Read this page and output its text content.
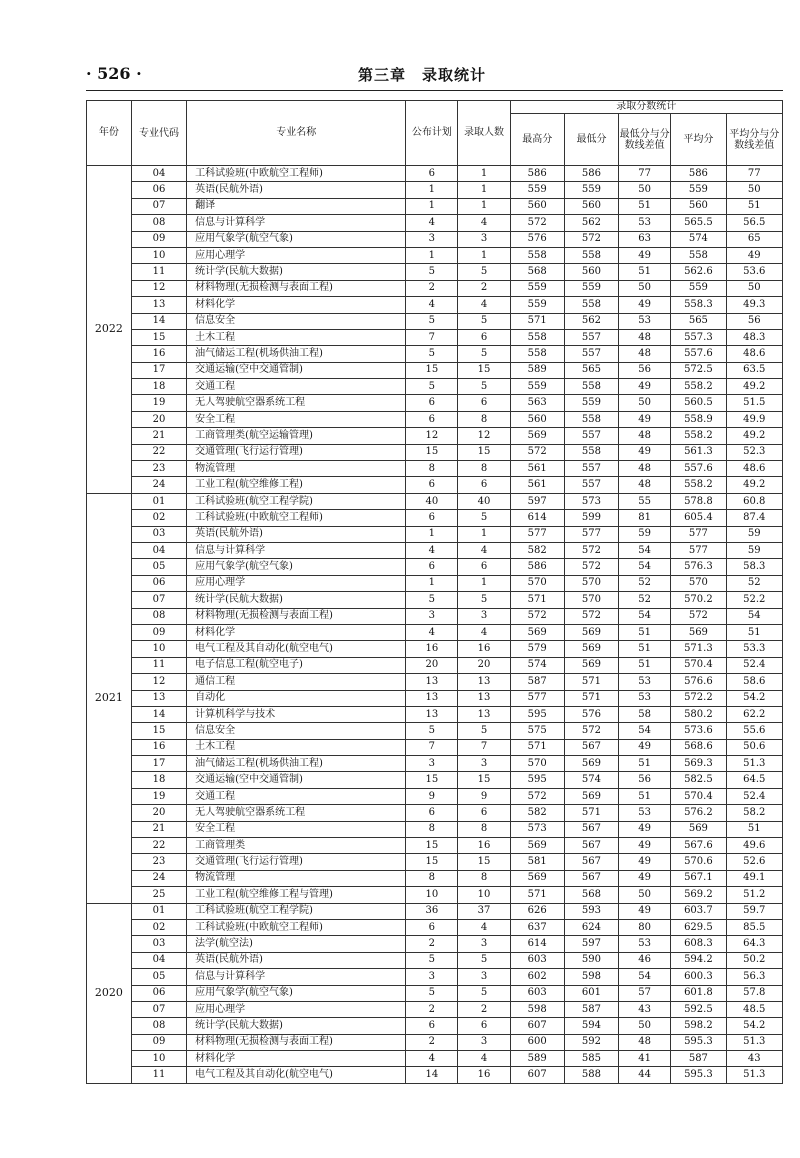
· 526 ·	第三章　录取统计
年份	专业代码	专业名称	公布计划	录取人数	录取分数统计				
					最高分	最低分	最低分与分数线差值	平均分	平均分与分数线差值
2022	04	工科试验班(中欧航空工程师)	6	1	586	586	77	586	77
	06	英语(民航外语)	1	1	559	559	50	559	50
	07	翻译	1	1	560	560	51	560	51
	08	信息与计算科学	4	4	572	562	53	565.5	56.5
	09	应用气象学(航空气象)	3	3	576	572	63	574	65
	10	应用心理学	1	1	558	558	49	558	49
	11	统计学(民航大数据)	5	5	568	560	51	562.6	53.6
	12	材料物理(无损检测与表面工程)	2	2	559	559	50	559	50
	13	材料化学	4	4	559	558	49	558.3	49.3
	14	信息安全	5	5	571	562	53	565	56
	15	土木工程	7	6	558	557	48	557.3	48.3
	16	油气储运工程(机场供油工程)	5	5	558	557	48	557.6	48.6
	17	交通运输(空中交通管制)	15	15	589	565	56	572.5	63.5
	18	交通工程	5	5	559	558	49	558.2	49.2
	19	无人驾驶航空器系统工程	6	6	563	559	50	560.5	51.5
	20	安全工程	6	8	560	558	49	558.9	49.9
	21	工商管理类(航空运输管理)	12	12	569	557	48	558.2	49.2
	22	交通管理(飞行运行管理)	15	15	572	558	49	561.3	52.3
	23	物流管理	8	8	561	557	48	557.6	48.6
	24	工业工程(航空维修工程)	6	6	561	557	48	558.2	49.2
2021	01	工科试验班(航空工程学院)	40	40	597	573	55	578.8	60.8
	02	工科试验班(中欧航空工程师)	6	5	614	599	81	605.4	87.4
	03	英语(民航外语)	1	1	577	577	59	577	59
	04	信息与计算科学	4	4	582	572	54	577	59
	05	应用气象学(航空气象)	6	6	586	572	54	576.3	58.3
	06	应用心理学	1	1	570	570	52	570	52
	07	统计学(民航大数据)	5	5	571	570	52	570.2	52.2
	08	材料物理(无损检测与表面工程)	3	3	572	572	54	572	54
	09	材料化学	4	4	569	569	51	569	51
	10	电气工程及其自动化(航空电气)	16	16	579	569	51	571.3	53.3
	11	电子信息工程(航空电子)	20	20	574	569	51	570.4	52.4
	12	通信工程	13	13	587	571	53	576.6	58.6
	13	自动化	13	13	577	571	53	572.2	54.2
	14	计算机科学与技术	13	13	595	576	58	580.2	62.2
	15	信息安全	5	5	575	572	54	573.6	55.6
	16	土木工程	7	7	571	567	49	568.6	50.6
	17	油气储运工程(机场供油工程)	3	3	570	569	51	569.3	51.3
	18	交通运输(空中交通管制)	15	15	595	574	56	582.5	64.5
	19	交通工程	9	9	572	569	51	570.4	52.4
	20	无人驾驶航空器系统工程	6	6	582	571	53	576.2	58.2
	21	安全工程	8	8	573	567	49	569	51
	22	工商管理类	15	16	569	567	49	567.6	49.6
	23	交通管理(飞行运行管理)	15	15	581	567	49	570.6	52.6
	24	物流管理	8	8	569	567	49	567.1	49.1
	25	工业工程(航空维修工程与管理)	10	10	571	568	50	569.2	51.2
2020	01	工科试验班(航空工程学院)	36	37	626	593	49	603.7	59.7
	02	工科试验班(中欧航空工程师)	6	4	637	624	80	629.5	85.5
	03	法学(航空法)	2	3	614	597	53	608.3	64.3
	04	英语(民航外语)	5	5	603	590	46	594.2	50.2
	05	信息与计算科学	3	3	602	598	54	600.3	56.3
	06	应用气象学(航空气象)	5	5	603	601	57	601.8	57.8
	07	应用心理学	2	2	598	587	43	592.5	48.5
	08	统计学(民航大数据)	6	6	607	594	50	598.2	54.2
	09	材料物理(无损检测与表面工程)	2	3	600	592	48	595.3	51.3
	10	材料化学	4	4	589	585	41	587	43
	11	电气工程及其自动化(航空电气)	14	16	607	588	44	595.3	51.3
